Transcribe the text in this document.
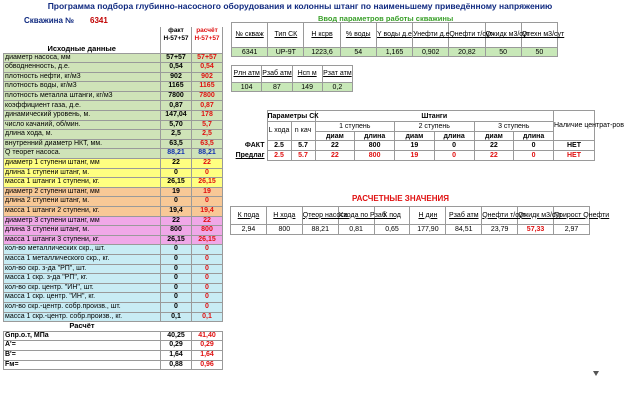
Программа подбора глубинно-насосного оборудования и колонны штанг по наименьшему приведённому напряжению
Скважина № 6341	Ввод параметров работы скважины
Исходные данные	факт
Н-57+57	расчёт
Н-57+57
диаметр насоса, мм	57+57	57+57
обводненность, д.е.	0,54	0,54
плотность нефти, кг/м3	902	902
плотность воды, кг/м3	1165	1165
плотность металла штанги, кг/м3	7800	7800
коэффициент газа, д.е.	0,87	0,87
динамический уровень, м.	147,04	178
число качаний, об/мин.	5,70	5,7
длина хода, м.	2,5	2,5
внутренний диаметр НКТ, мм.	63,5	63,5
Q теорет насоса.	88,21	88,21
диаметр 1 ступени штанг, мм	22	22
длина 1 ступени штанг, м.	0	0
масса 1 штанги 1 ступени, кг.	26,15	26,15
диаметр 2 ступени штанг, мм	19	19
длина 2 ступени штанг, м.	0	0
масса 1 штанги 2 ступени, кг.	19,4	19,4
диаметр 3 ступени штанг, мм	22	22
длина 3 ступени штанг, м.	800	800
масса 1 штанги 3 ступени, кг.	26,15	26,15
кол-во металлических скр., шт.	0	0
масса 1 металлического скр., кг.	0	0
кол-во скр. з-да "РП", шт.	0	0
масса 1 скр. з-да "РП", кг.	0	0
кол-во скр. центр. "ИН", шт.	0	0
масса 1 скр. центр. "ИН", кг.	0	0
кол-во скр.-центр. собр.произв., шт.	0	0
масса 1 скр.-центр. собр.произв., кг.	0,1	0,1
Расчёт		
Gпр.о.т, МПа	40,25	41,40
А'=	0,29	0,29
В'=	1,64	1,64
Fм=	0,88	0,96
№ скваж	Тип СК	Н ксрв	% воды	Y воды д.е	Унефти д.е	Qнефти т/сут	Qжидк м3/сут	Qтехн м3/сут
6341	UP-9T	1223,6	54	1,165	0,902	20,82	50	50
Рлн атм	Рзаб атм	Нсп м	Рзат атм
104	87	149	0,2
	Параметры СК		Штанги						Наличие центрат-ров
	L хода	n кач	1 ступень		2 ступень		3 ступень		
			диам	длина	диам	длина	диам	длина	
ФАКТ	2.5	5.7	22	800	19	0	22	0	НЕТ
Предлаг	2.5	5.7	22	800	19	0	22	0	НЕТ
РАСЧЕТНЫЕ ЗНАЧЕНИЯ
К пода	Н хода	Qтеор насоса	Ххода по Рзаб	К под	Н дин	Рзаб атм	Qнефти т/сут	Qжидк м3/сут	Прирост Qнефти
2,94	800	88,21	0,81	0,65	177,90	84,51	23,79	57,33	2,97
